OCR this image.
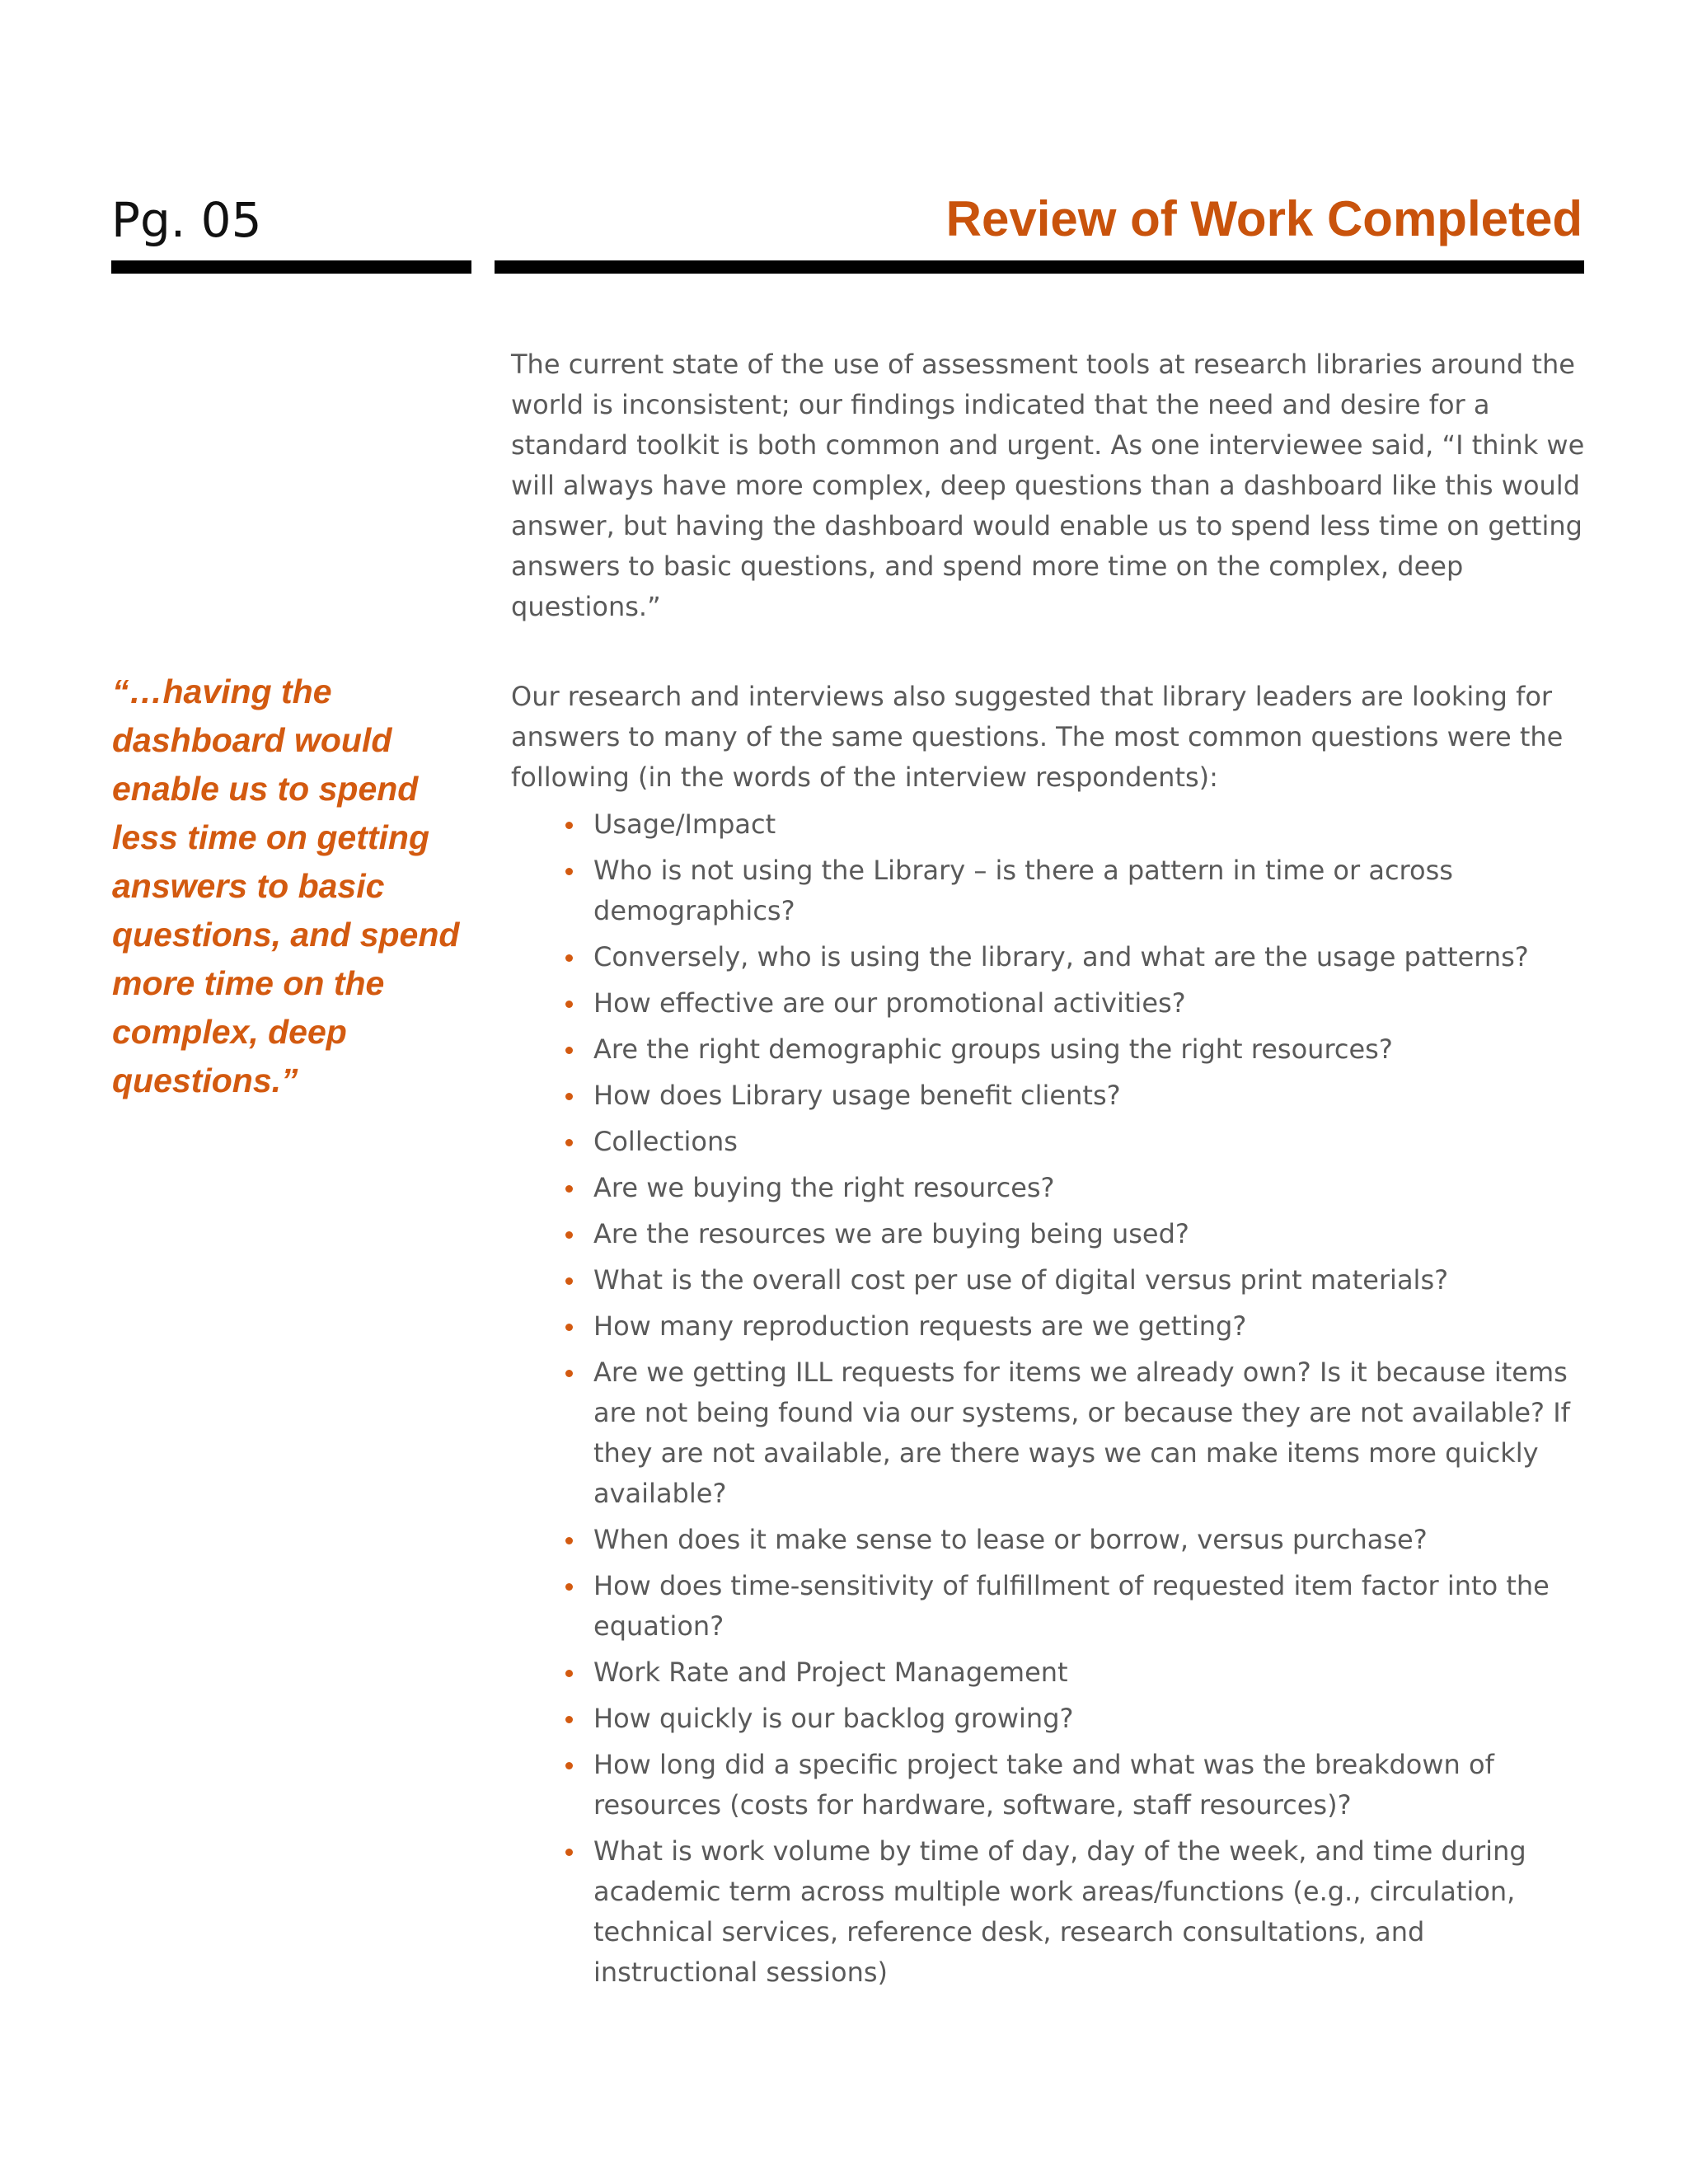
Pg. 05	Review of Work Completed
“…having the dashboard would enable us to spend less time on getting answers to basic questions, and spend more time on the complex, deep questions.”

The current state of the use of assessment tools at research libraries around the world is inconsistent; our findings indicated that the need and desire for a standard toolkit is both common and urgent. As one interviewee said, “I think we will always have more complex, deep questions than a dashboard like this would answer, but having the dashboard would enable us to spend less time on getting answers to basic questions, and spend more time on the complex, deep questions.”

Our research and interviews also suggested that library leaders are looking for answers to many of the same questions. The most common questions were the following (in the words of the interview respondents):

Usage/Impact
Who is not using the Library – is there a pattern in time or across demographics?
Conversely, who is using the library, and what are the usage patterns?
How effective are our promotional activities?
Are the right demographic groups using the right resources?
How does Library usage benefit clients?
Collections
Are we buying the right resources?
Are the resources we are buying being used?
What is the overall cost per use of digital versus print materials?
How many reproduction requests are we getting?
Are we getting ILL requests for items we already own? Is it because items are not being found via our systems, or because they are not available? If they are not available, are there ways we can make items more quickly available?
When does it make sense to lease or borrow, versus purchase?
How does time-sensitivity of fulfillment of requested item factor into the equation?
Work Rate and Project Management
How quickly is our backlog growing?
How long did a specific project take and what was the breakdown of resources (costs for hardware, software, staff resources)?
What is work volume by time of day, day of the week, and time during academic term across multiple work areas/functions (e.g., circulation, technical services, reference desk, research consultations, and instructional sessions)
